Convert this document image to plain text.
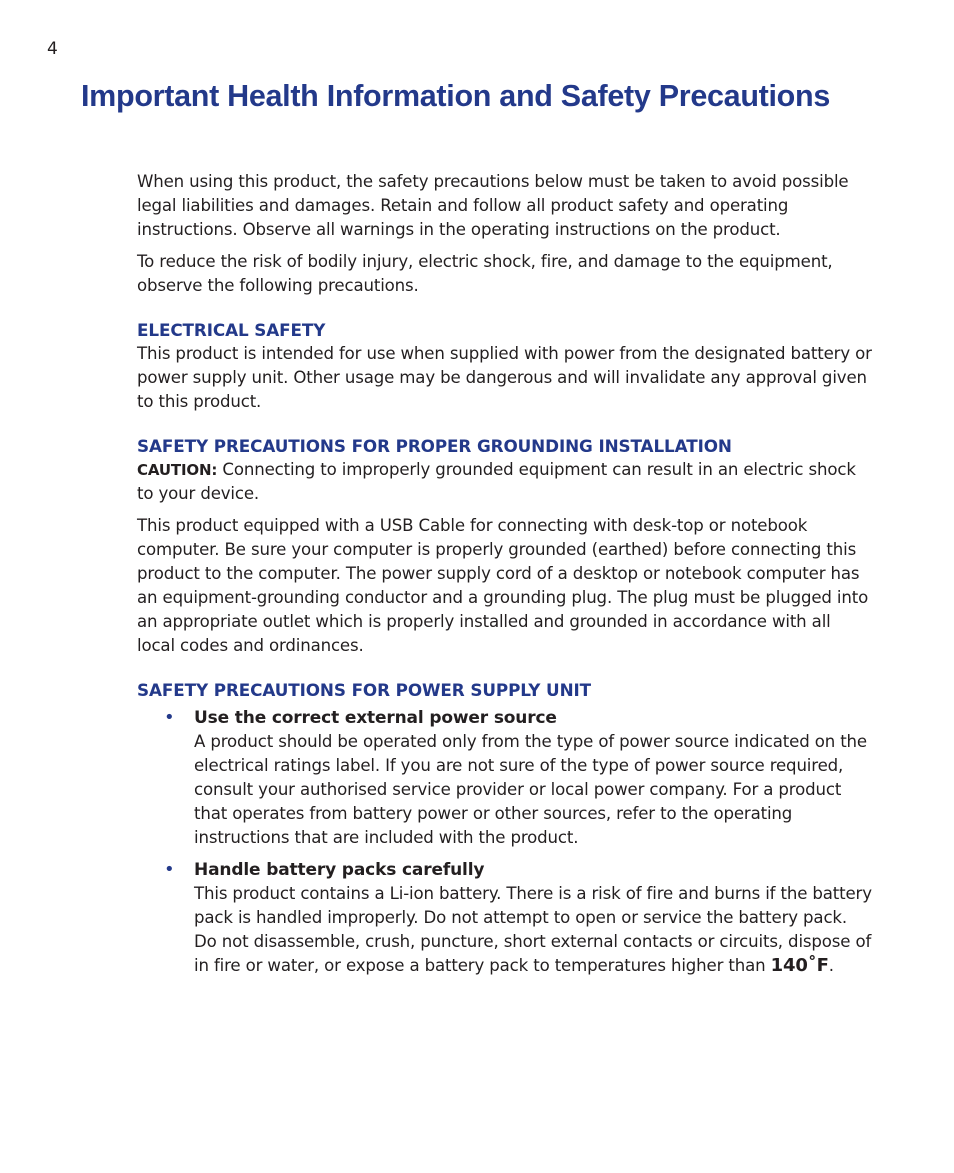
4
Important Health Information and Safety Precautions

When using this product, the safety precautions below must be taken to avoid possible legal liabilities and damages. Retain and follow all product safety and operating instructions. Observe all warnings in the operating instructions on the product.

To reduce the risk of bodily injury, electric shock, fire, and damage to the equipment, observe the following precautions.

ELECTRICAL SAFETY

This product is intended for use when supplied with power from the designated battery or power supply unit. Other usage may be dangerous and will invalidate any approval given to this product.

SAFETY PRECAUTIONS FOR PROPER GROUNDING INSTALLATION

CAUTION: Connecting to improperly grounded equipment can result in an electric shock to your device.

This product equipped with a USB Cable for connecting with desk-top or notebook computer. Be sure your computer is properly grounded (earthed) before connecting this product to the computer. The power supply cord of a desktop or notebook computer has an equipment-grounding conductor and a grounding plug. The plug must be plugged into an appropriate outlet which is properly installed and grounded in accordance with all local codes and ordinances.

SAFETY PRECAUTIONS FOR POWER SUPPLY UNIT
• Use the correct external power source

A product should be operated only from the type of power source indicated on the electrical ratings label. If you are not sure of the type of power source required, consult your authorised service provider or local power company. For a product that operates from battery power or other sources, refer to the operating instructions that are included with the product.

• Handle battery packs carefully

This product contains a Li-ion battery. There is a risk of fire and burns if the battery pack is handled improperly. Do not attempt to open or service the battery pack. Do not disassemble, crush, puncture, short external contacts or circuits, dispose of in fire or water, or expose a battery pack to temperatures higher than 140˚F.
